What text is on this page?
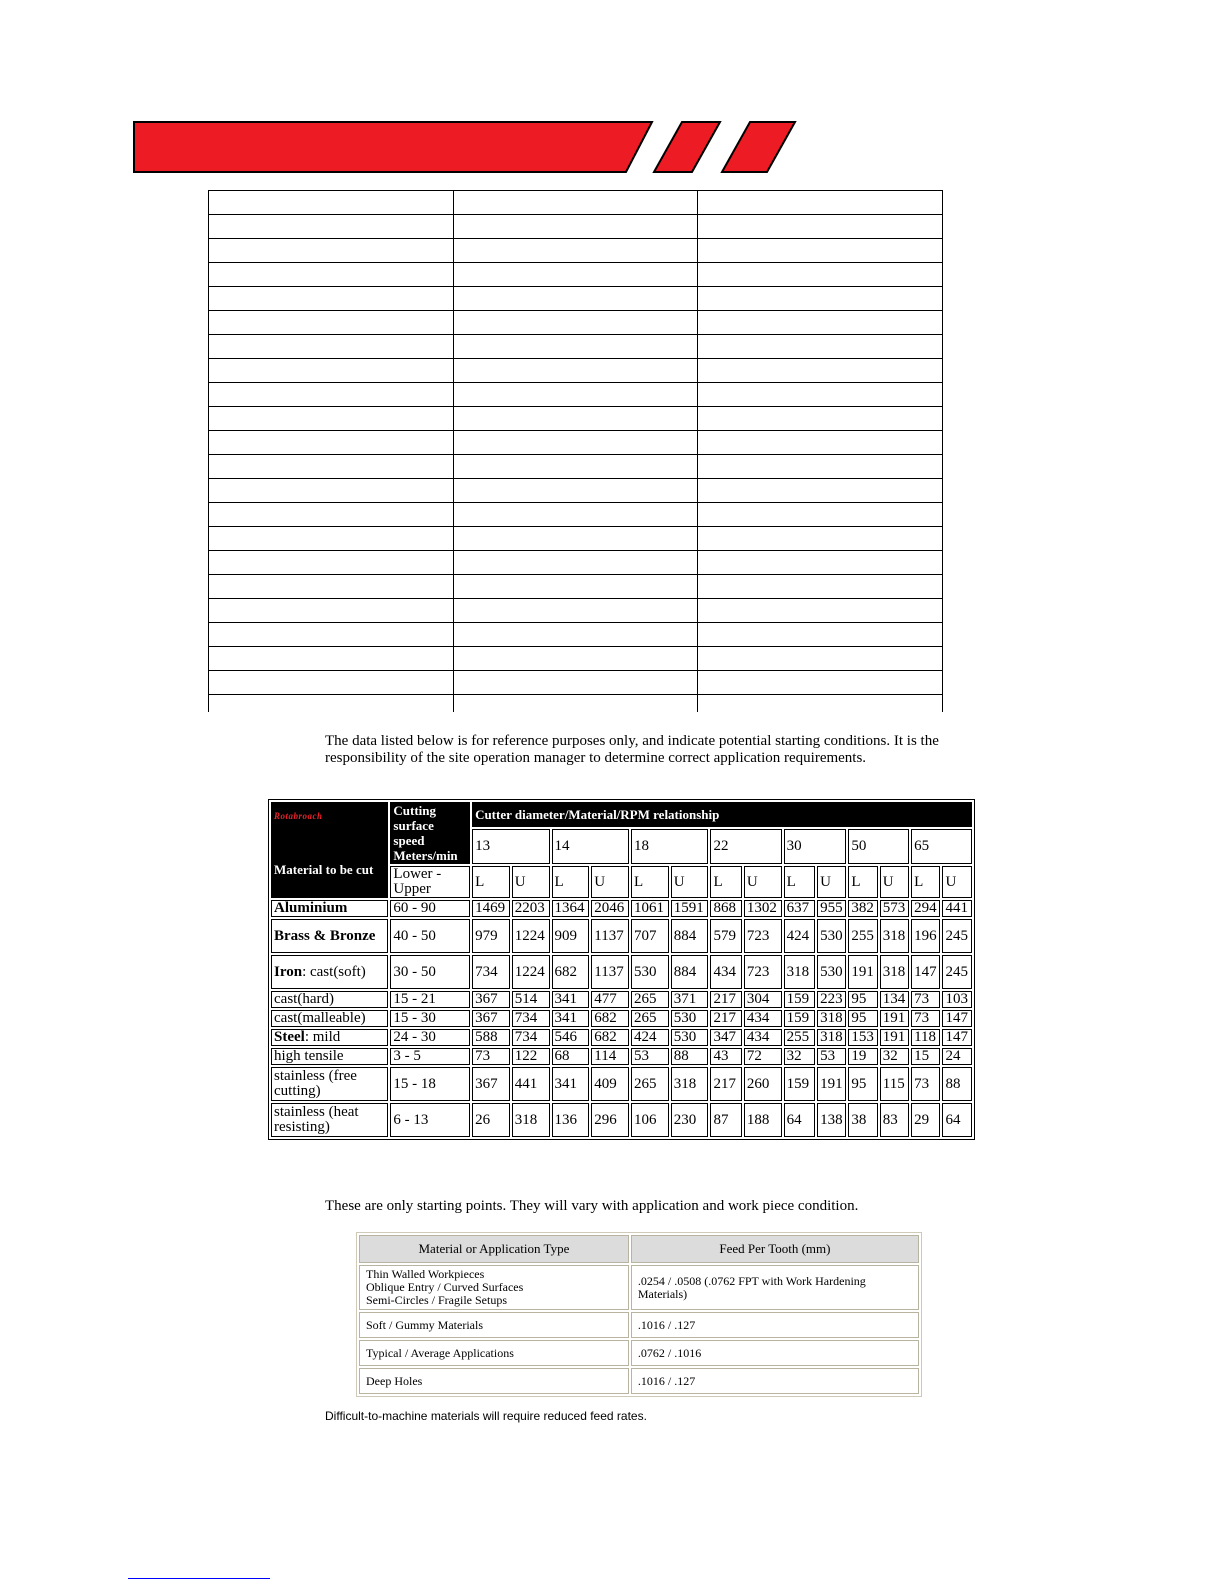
The data listed below is for reference purposes only, and indicate potential starting conditions. It is the responsibility of the site operation manager to determine correct application requirements.
Rotabroach
Material to be cut	Cutting surface speed Meters/min	Cutter diameter/Material/RPM relationship													
		13		14		18		22		30		50		65	
	Lower - Upper	L	U	L	U	L	U	L	U	L	U	L	U	L	U
Aluminium	60 - 90	1469	2203	1364	2046	1061	1591	868	1302	637	955	382	573	294	441
Brass & Bronze	40 - 50	979	1224	909	1137	707	884	579	723	424	530	255	318	196	245
Iron: cast(soft)	30 - 50	734	1224	682	1137	530	884	434	723	318	530	191	318	147	245
cast(hard)	15 - 21	367	514	341	477	265	371	217	304	159	223	95	134	73	103
cast(malleable)	15 - 30	367	734	341	682	265	530	217	434	159	318	95	191	73	147
Steel: mild	24 - 30	588	734	546	682	424	530	347	434	255	318	153	191	118	147
high tensile	3 - 5	73	122	68	114	53	88	43	72	32	53	19	32	15	24
stainless (free cutting)	15 - 18	367	441	341	409	265	318	217	260	159	191	95	115	73	88
stainless (heat resisting)	6 - 13	26	318	136	296	106	230	87	188	64	138	38	83	29	64
These are only starting points. They will vary with application and work piece condition.
Material or Application Type	Feed Per Tooth (mm)

Thin Walled Workpieces
Oblique Entry / Curved Surfaces
Semi-Circles / Fragile Setups	.0254 / .0508 (.0762 FPT with Work Hardening Materials)

Soft / Gummy Materials	.1016 / .127

Typical / Average Applications	.0762 / .1016

Deep Holes	.1016 / .127
Difficult-to-machine materials will require reduced feed rates.
